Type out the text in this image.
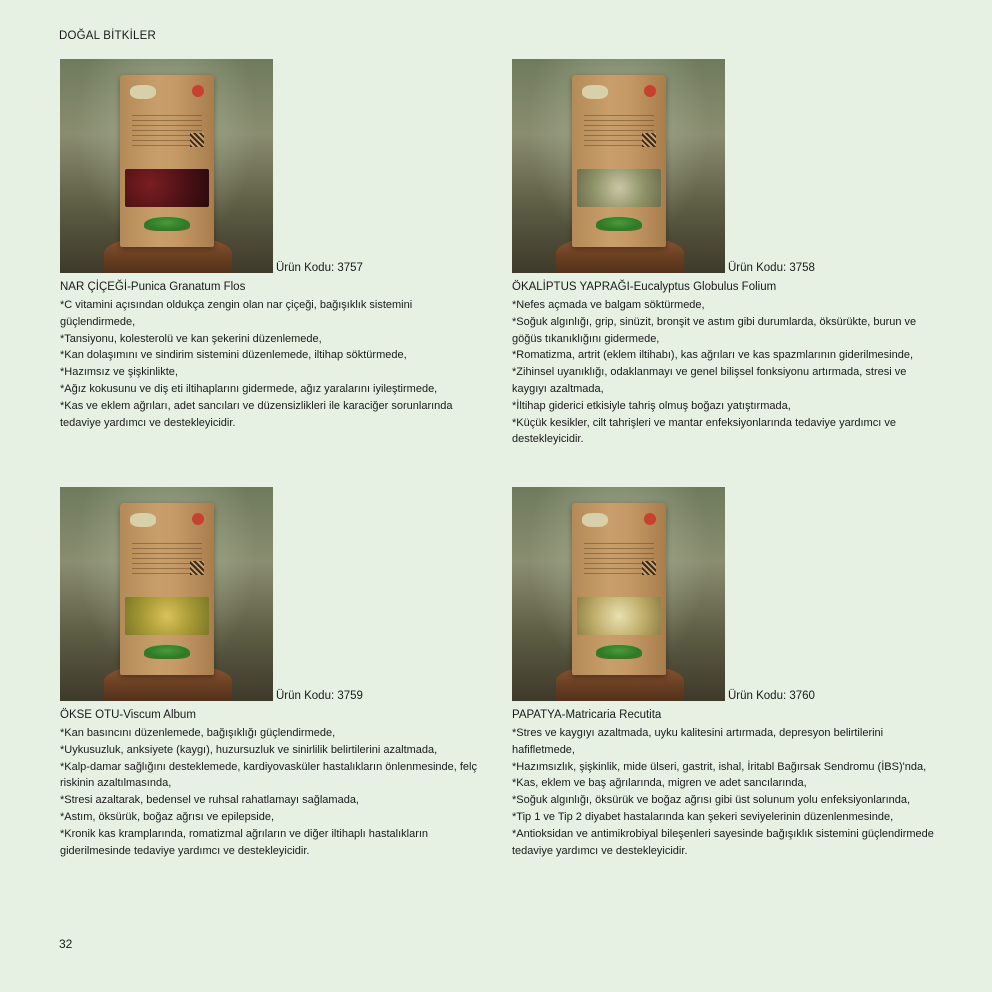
DOĞAL BİTKİLER
Ürün Kodu: 3757
NAR ÇİÇEĞİ-Punica Granatum Flos
*C vitamini açısından oldukça zengin olan nar çiçeği, bağışıklık sistemini güçlendirmede,
*Tansiyonu, kolesterolü ve kan şekerini düzenlemede,
*Kan dolaşımını ve sindirim sistemini düzenlemede, iltihap söktürmede,
*Hazımsız ve şişkinlikte,
*Ağız kokusunu ve diş eti iltihaplarını gidermede, ağız yaralarını iyileştirmede,
*Kas ve eklem ağrıları, adet sancıları ve düzensizlikleri ile karaciğer sorunlarında tedaviye yardımcı ve destekleyicidir.
Ürün Kodu: 3758
ÖKALİPTUS YAPRAĞI-Eucalyptus Globulus Folium
*Nefes açmada ve balgam söktürmede,
*Soğuk algınlığı, grip, sinüzit, bronşit ve astım gibi durumlarda, öksürükte, burun ve göğüs tıkanıklığını gidermede,
*Romatizma, artrit (eklem iltihabı), kas ağrıları ve kas spazmlarının giderilmesinde,
*Zihinsel uyanıklığı, odaklanmayı ve genel bilişsel fonksiyonu artırmada, stresi ve kaygıyı azaltmada,
*İltihap giderici etkisiyle tahriş olmuş boğazı yatıştırmada,
*Küçük kesikler, cilt tahrişleri ve mantar enfeksiyonlarında tedaviye yardımcı ve destekleyicidir.
Ürün Kodu: 3759
ÖKSE OTU-Viscum Album
*Kan basıncını düzenlemede, bağışıklığı güçlendirmede,
*Uykusuzluk, anksiyete (kaygı), huzursuzluk ve sinirlilik belirtilerini azaltmada,
*Kalp-damar sağlığını desteklemede, kardiyovasküler hastalıkların önlenmesinde, felç riskinin azaltılmasında,
*Stresi azaltarak, bedensel ve ruhsal rahatlamayı sağlamada,
*Astım, öksürük, boğaz ağrısı ve epilepside,
*Kronik kas kramplarında, romatizmal ağrıların ve diğer iltihaplı hastalıkların giderilmesinde tedaviye yardımcı ve destekleyicidir.
Ürün Kodu: 3760
PAPATYA-Matricaria Recutita
*Stres ve kaygıyı azaltmada, uyku kalitesini artırmada, depresyon belirtilerini hafifletmede,
*Hazımsızlık, şişkinlik, mide ülseri, gastrit, ishal, İritabl Bağırsak Sendromu (İBS)'nda,
*Kas, eklem ve baş ağrılarında, migren ve adet sancılarında,
*Soğuk algınlığı, öksürük ve boğaz ağrısı gibi üst solunum yolu enfeksiyonlarında,
*Tip 1 ve Tip 2 diyabet hastalarında kan şekeri seviyelerinin düzenlenmesinde,
*Antioksidan ve antimikrobiyal bileşenleri sayesinde bağışıklık sistemini güçlendirmede tedaviye yardımcı ve destekleyicidir.
32
